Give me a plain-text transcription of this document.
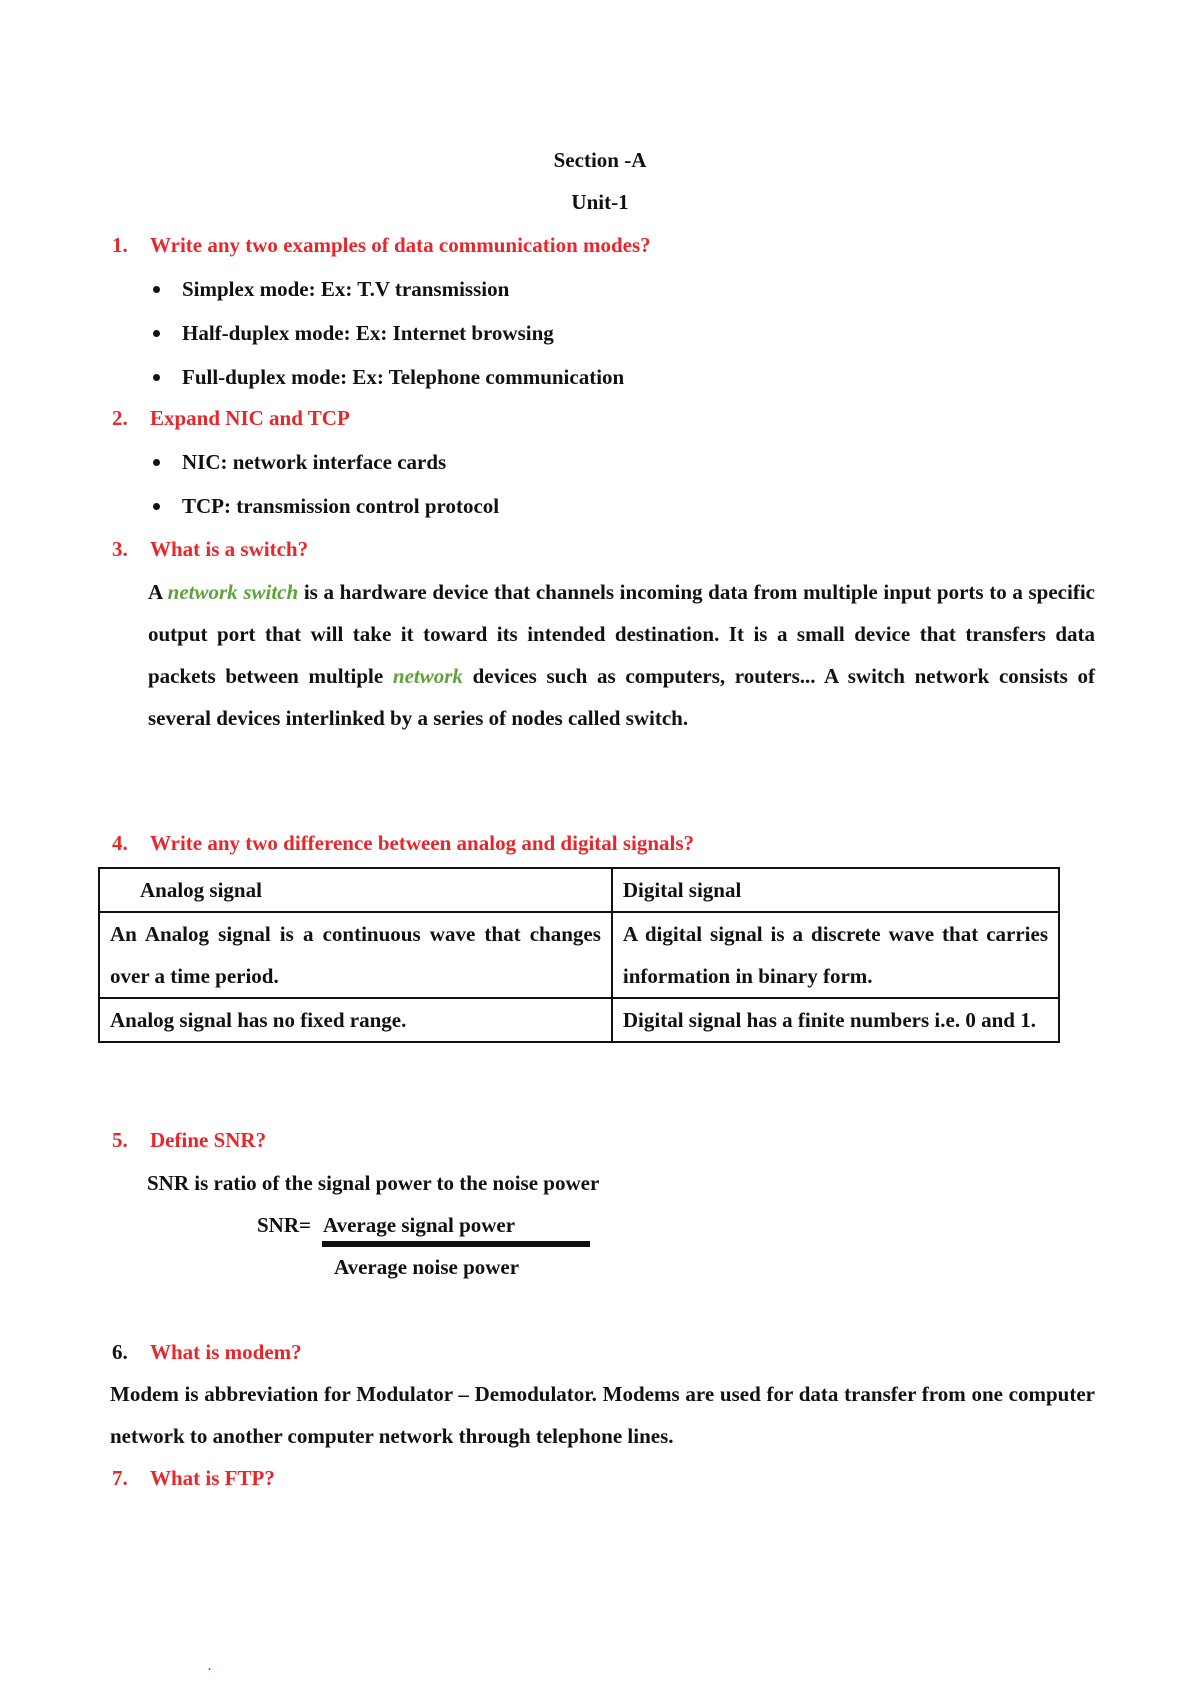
Section -A
Unit-1
1. Write any two examples of data communication modes?
Simplex mode: Ex: T.V transmission
Half-duplex mode: Ex: Internet browsing
Full-duplex mode: Ex: Telephone communication
2. Expand NIC and TCP
NIC: network interface cards
TCP: transmission control protocol
3. What is a switch?
A network switch is a hardware device that channels incoming data from multiple input ports to a specific output port that will take it toward its intended destination. It is a small device that transfers data packets between multiple network devices such as computers, routers... A switch network consists of several devices interlinked by a series of nodes called switch.
4. Write any two difference between analog and digital signals?
Analog signal	Digital signal
An Analog signal is a continuous wave that changes over a time period.	A digital signal is a discrete wave that carries information in binary form.
Analog signal has no fixed range.	Digital signal has a finite numbers i.e. 0 and 1.
5. Define SNR?
SNR is ratio of the signal power to the noise power
SNR= Average signal power
Average noise power
6. What is modem?
Modem is abbreviation for Modulator – Demodulator. Modems are used for data transfer from one computer network to another computer network through telephone lines.
7. What is FTP?
.
